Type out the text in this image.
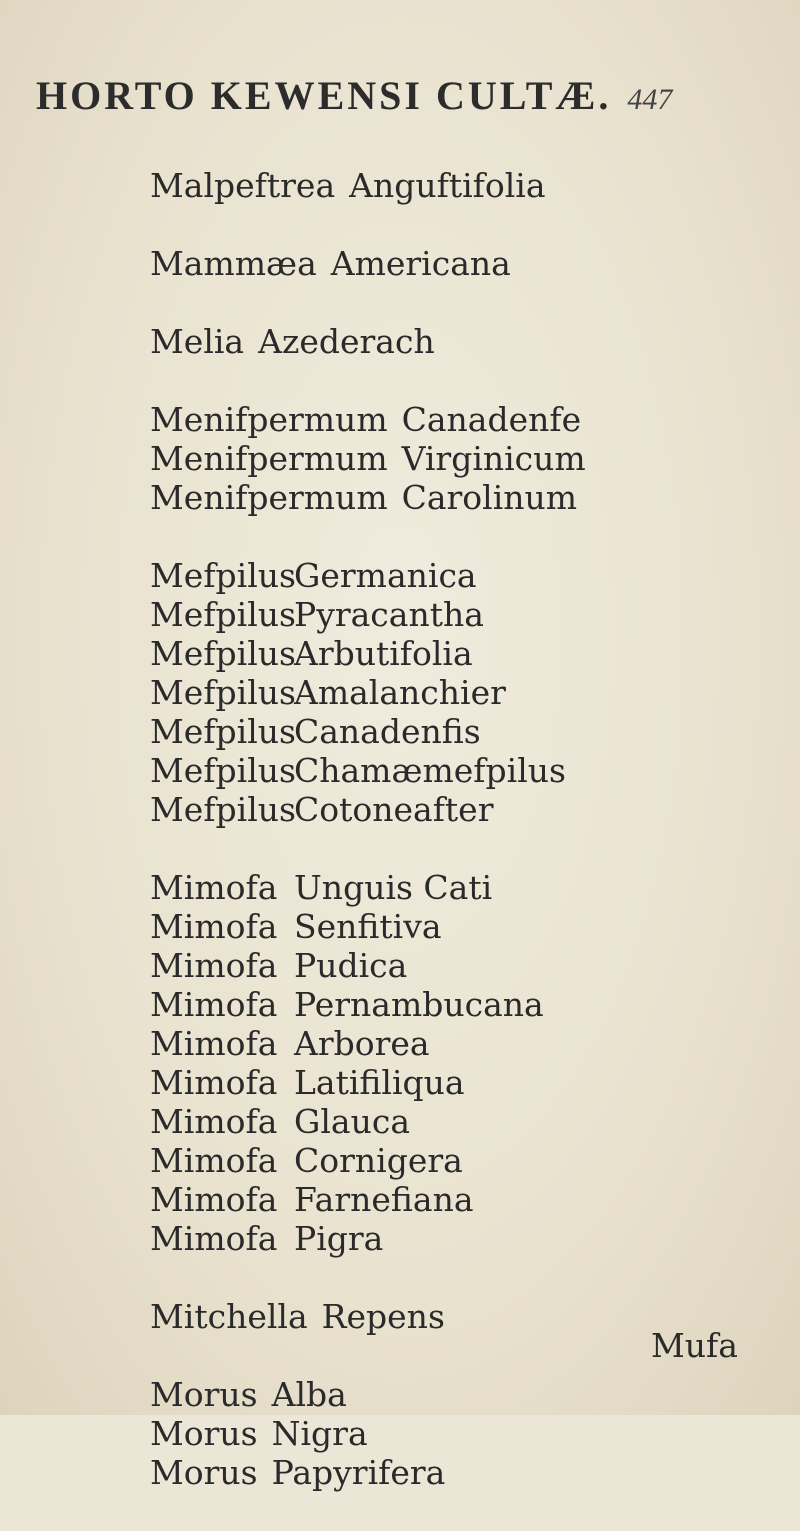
HORTO KEWENSI CULTÆ. 447
Malpeftrea Anguftifolia
Mammæa Americana
Melia Azederach
Menifpermum Canadenfe
Menifpermum Virginicum
Menifpermum Carolinum
MefpilusGermanica
MefpilusPyracantha
MefpilusArbutifolia
MefpilusAmalanchier
MefpilusCanadenfis
MefpilusChamæmefpilus
MefpilusCotoneafter
Mimofa Unguis Cati
Mimofa Senfitiva
Mimofa Pudica
Mimofa Pernambucana
Mimofa Arborea
Mimofa Latifiliqua
Mimofa Glauca
Mimofa Cornigera
Mimofa Farnefiana
Mimofa Pigra
Mitchella Repens
Morus Alba
Morus Nigra
Morus Papyrifera
Mufa
